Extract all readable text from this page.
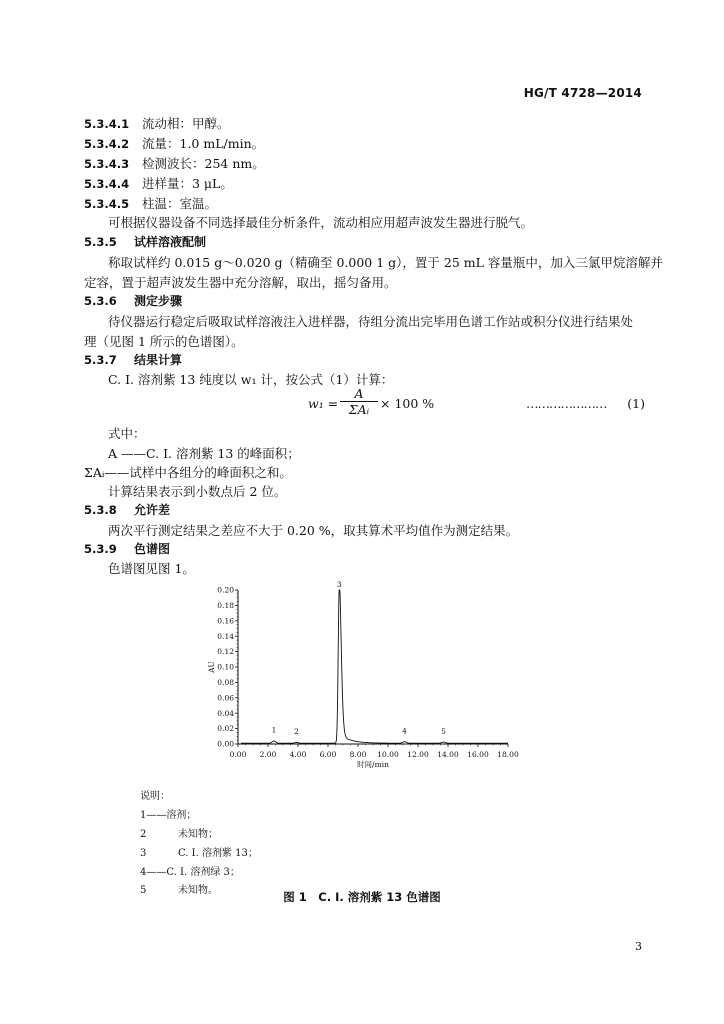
HG/T 4728—2014
5.3.4.1 流动相：甲醇。
5.3.4.2 流量：1.0 mL/min。
5.3.4.3 检测波长：254 nm。
5.3.4.4 进样量：3 μL。
5.3.4.5 柱温：室温。
可根据仪器设备不同选择最佳分析条件，流动相应用超声波发生器进行脱气。
5.3.5 试样溶液配制
称取试样约 0.015 g～0.020 g（精确至 0.000 1 g），置于 25 mL 容量瓶中，加入三氯甲烷溶解并
定容，置于超声波发生器中充分溶解，取出，摇匀备用。
5.3.6 测定步骤
待仪器运行稳定后吸取试样溶液注入进样器，待组分流出完毕用色谱工作站或积分仪进行结果处
理（见图 1 所示的色谱图）。
5.3.7 结果计算
C. I. 溶剂紫 13 纯度以 w₁ 计，按公式（1）计算：
w₁ =
A
ΣAᵢ × 100 %	………………… (1)
式中：
A ——C. I. 溶剂紫 13 的峰面积；
ΣAᵢ——试样中各组分的峰面积之和。
计算结果表示到小数点后 2 位。
5.3.8 允许差
两次平行测定结果之差应不大于 0.20 %，取其算术平均值作为测定结果。
5.3.9 色谱图
色谱图见图 1。
0.00
0.02
0.04
0.06
0.08
0.10
0.12
0.14
0.16
0.18
0.20
0.00 2.00 4.00 6.00 8.00 10.00 12.00 14.00 16.00 18.00
时间/min
AU
1 2
3
4	5
说明：
1——溶剂；
2	未知物；
3	C. I. 溶剂紫 13；
4——C. I. 溶剂绿 3；
5	未知物。	图 1　C. I. 溶剂紫 13 色谱图
3
